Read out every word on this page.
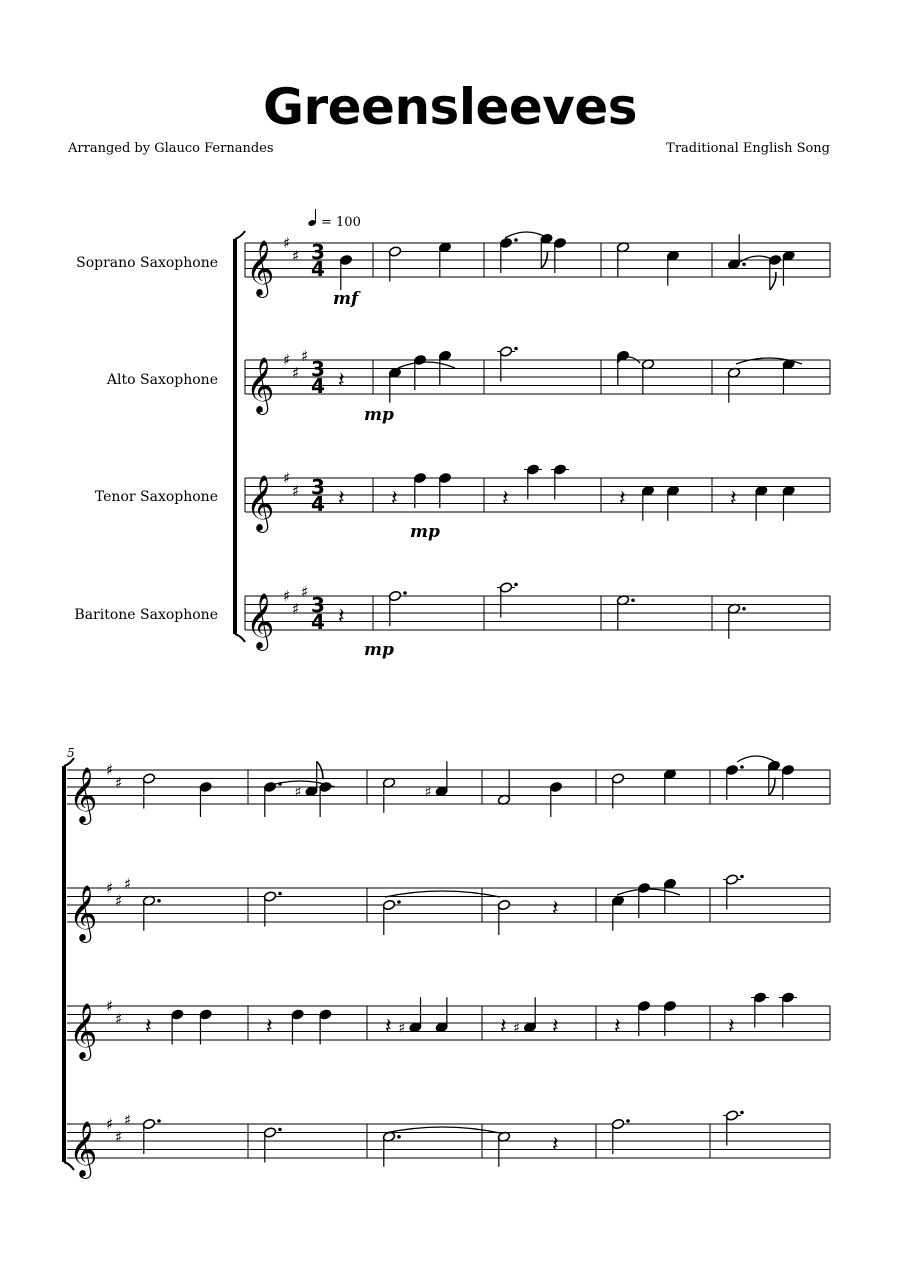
Greensleeves
Arranged by Glauco Fernandes	Traditional English Song
Soprano Saxophone
Alto Saxophone
Tenor Saxophone
Baritone Saxophone
𝄞 ♯
♯ 3
4
𝄞 ♯
♯
♯
3
4
𝄞 ♯
♯ 3
4
𝄞 ♯
♯
♯
3
4
𝄽
𝄽 𝄽	𝄽	𝄽	𝄽
𝄽
mf
mp
mp
mp
= 100
𝄞 ♯
♯
𝄞 ♯
♯
♯
𝄞 ♯
♯
𝄞 ♯
♯
♯
5
♯	♯
𝄽
𝄽	𝄽	𝄽 ♯	𝄽 ♯ 𝄽	𝄽	𝄽
𝄽
